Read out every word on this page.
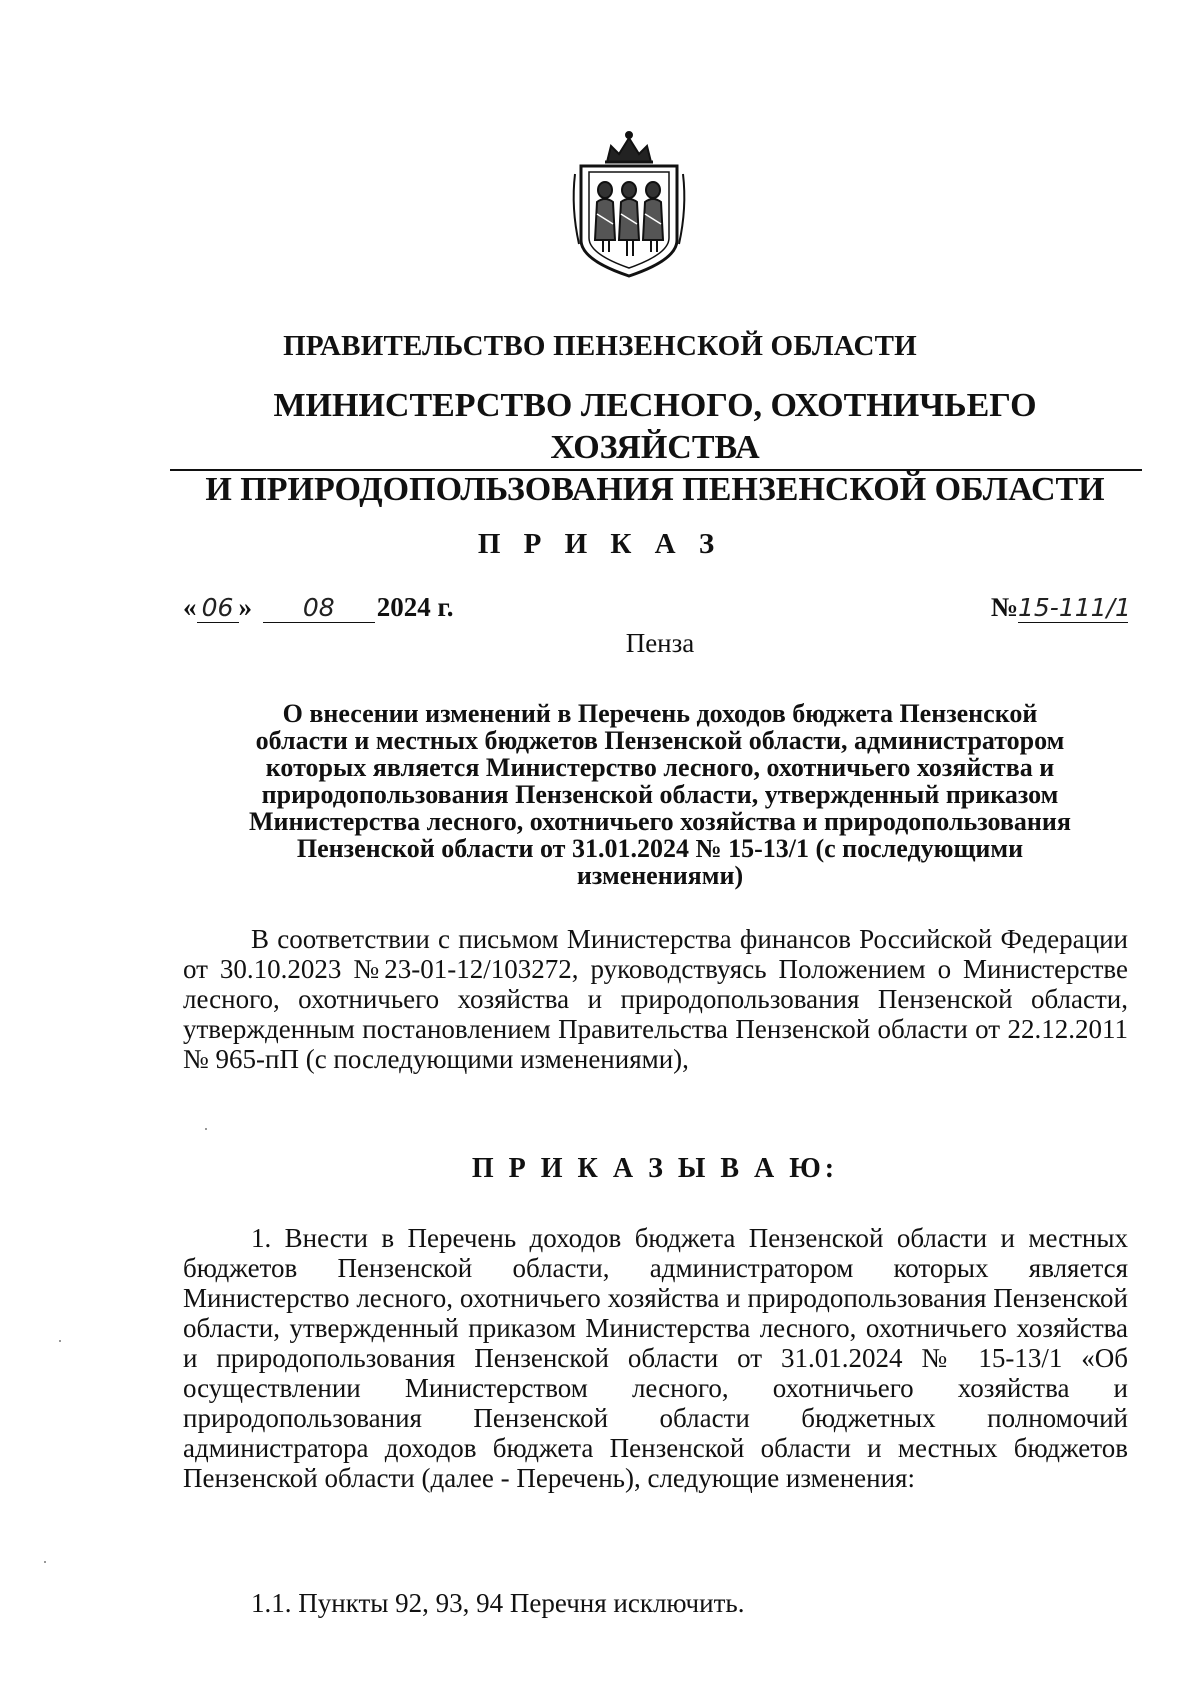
ПРАВИТЕЛЬСТВО ПЕНЗЕНСКОЙ ОБЛАСТИ
МИНИСТЕРСТВО ЛЕСНОГО, ОХОТНИЧЬЕГО ХОЗЯЙСТВА
И ПРИРОДОПОЛЬЗОВАНИЯ ПЕНЗЕНСКОЙ ОБЛАСТИ
П Р И К А З
« 06 » 08 2024 г.	№15-111/1
Пенза
О внесении изменений в Перечень доходов бюджета Пензенской
области и местных бюджетов Пензенской области, администратором
которых является Министерство лесного, охотничьего хозяйства и
природопользования Пензенской области, утвержденный приказом
Министерства лесного, охотничьего хозяйства и природопользования
Пензенской области от 31.01.2024 № 15-13/1 (с последующими
изменениями)
В соответствии с письмом Министерства финансов Российской Федерации от 30.10.2023 №23-01-12/103272, руководствуясь Положением о Министерстве лесного, охотничьего хозяйства и природопользования Пензенской области, утвержденным постановлением Правительства Пензенской области от 22.12.2011 № 965-пП (с последующими изменениями),
П Р И К А З Ы В А Ю:
1. Внести в Перечень доходов бюджета Пензенской области и местных бюджетов Пензенской области, администратором которых является Министерство лесного, охотничьего хозяйства и природопользования Пензенской области, утвержденный приказом Министерства лесного, охотничьего хозяйства и природопользования Пензенской области от 31.01.2024 № 15-13/1 «Об осуществлении Министерством лесного, охотничьего хозяйства и природопользования Пензенской области бюджетных полномочий администратора доходов бюджета Пензенской области и местных бюджетов Пензенской области (далее - Перечень), следующие изменения:
1.1. Пункты 92, 93, 94 Перечня исключить.
